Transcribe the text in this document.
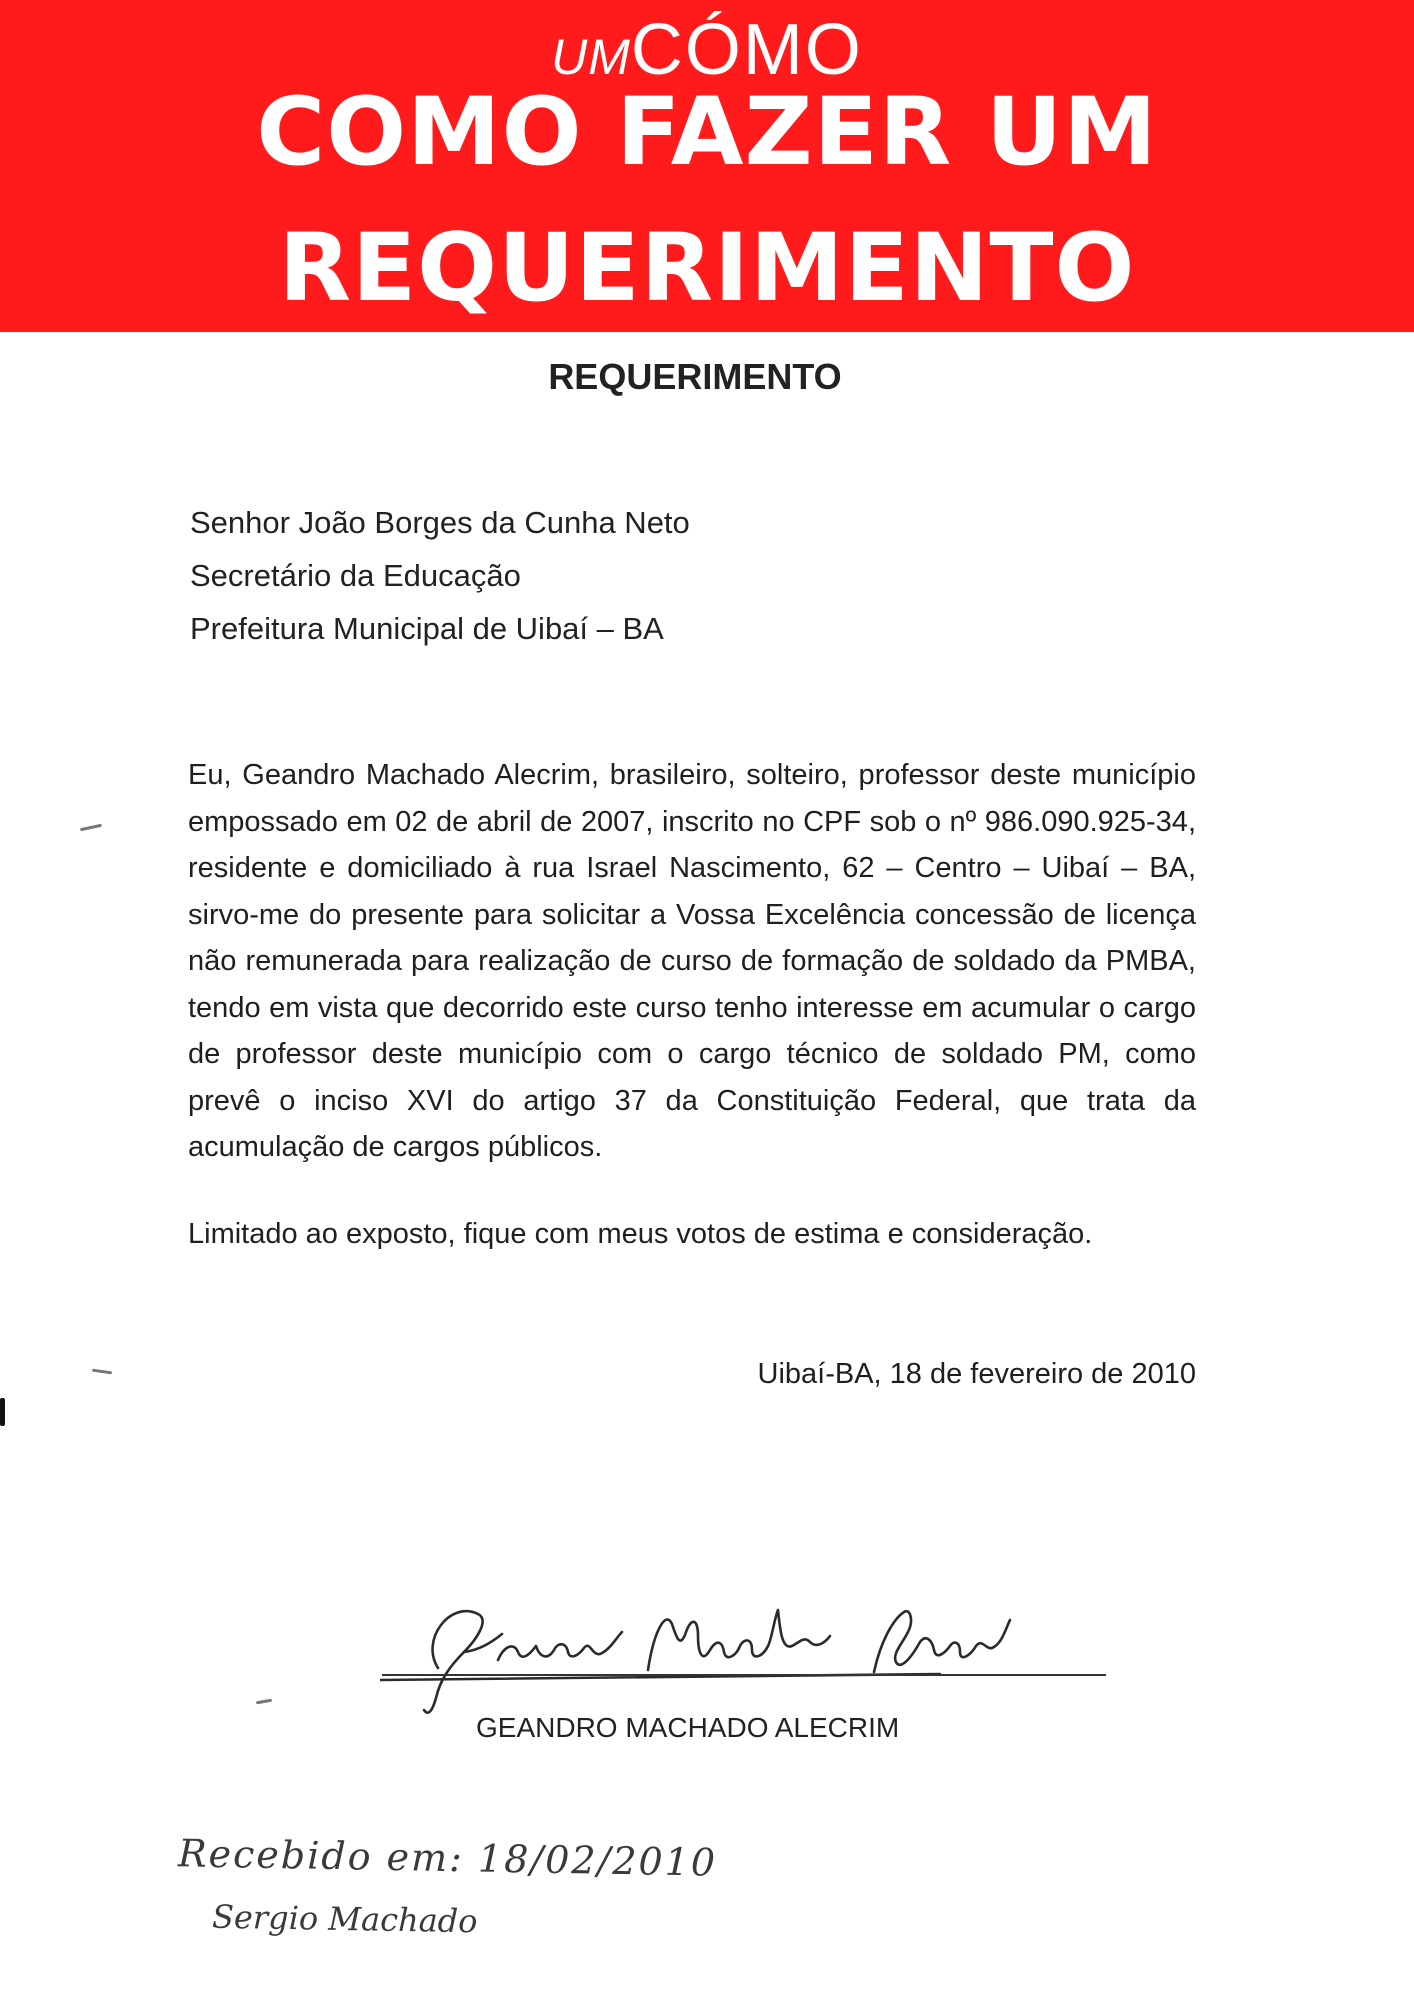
UMCÓMO
COMO FAZER UM
REQUERIMENTO
REQUERIMENTO
Senhor João Borges da Cunha Neto
Secretário da Educação
Prefeitura Municipal de Uibaí – BA
Eu, Geandro Machado Alecrim, brasileiro, solteiro, professor deste município empossado em 02 de abril de 2007, inscrito no CPF sob o nº 986.090.925-34, residente e domiciliado à rua Israel Nascimento, 62 – Centro – Uibaí – BA, sirvo-me do presente para solicitar a Vossa Excelência concessão de licença não remunerada para realização de curso de formação de soldado da PMBA, tendo em vista que decorrido este curso tenho interesse em acumular o cargo de professor deste município com o cargo técnico de soldado PM, como prevê o inciso XVI do artigo 37 da Constituição Federal, que trata da acumulação de cargos públicos.
Limitado ao exposto, fique com meus votos de estima e consideração.
Uibaí-BA, 18 de fevereiro de 2010
GEANDRO MACHADO ALECRIM
Recebido em: 18/02/2010
Sergio Machado
